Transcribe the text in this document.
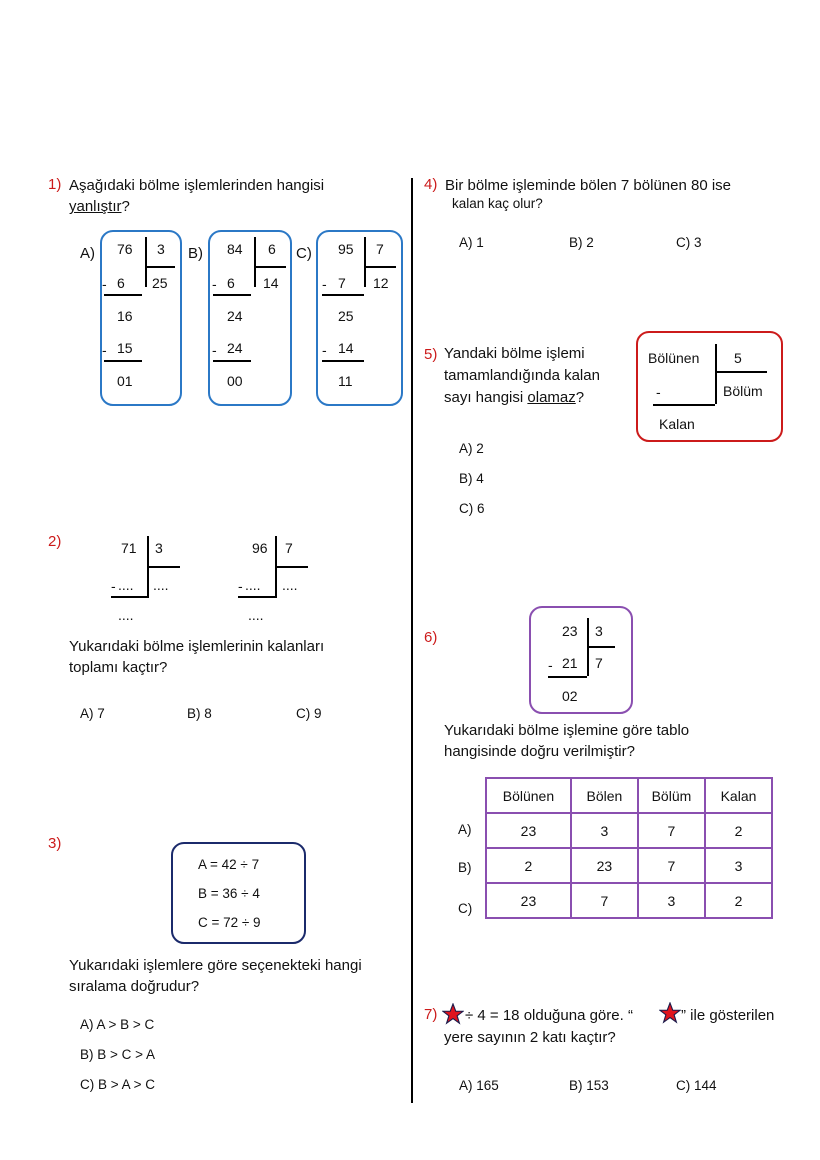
1) Aşağıdaki bölme işlemlerinden hangisi
yanlıştır?
A) 76 3
- 6 25
16
- 15
01
B) 84 6
- 6 14
24
- 24
00
C) 95 7
- 7 12
25
- 14
11
2)	71 3
- .... ....
....
96 7
- .... ....
....
Yukarıdaki bölme işlemlerinin kalanları
toplamı kaçtır?
A) 7	B) 8	C) 9
3)
A = 42 ÷ 7
B = 36 ÷ 4
C = 72 ÷ 9
Yukarıdaki işlemlere göre seçenekteki hangi
sıralama doğrudur?
A) A > B > C
B) B > C > A
C) B > A > C
4) Bir bölme işleminde bölen 7 bölünen 80 ise
kalan kaç olur?
A) 1	B) 2	C) 3
5) Yandaki bölme işlemi
tamamlandığında kalan
sayı hangisi olamaz?
Bölünen 5
Bölüm
-
Kalan
A) 2
B) 4
C) 6
6)	23 3
- 21 7
02
Yukarıdaki bölme işlemine göre tablo
hangisinde doğru verilmiştir?
A)
B)
C)
Bölünen	Bölen	Bölüm	Kalan
23	3	7	2
2	23	7	3
23	7	3	2
7) ÷ 4 = 18 olduğuna göre. “	” ile gösterilen
yere sayının 2 katı kaçtır?
A) 165	B) 153	C) 144
